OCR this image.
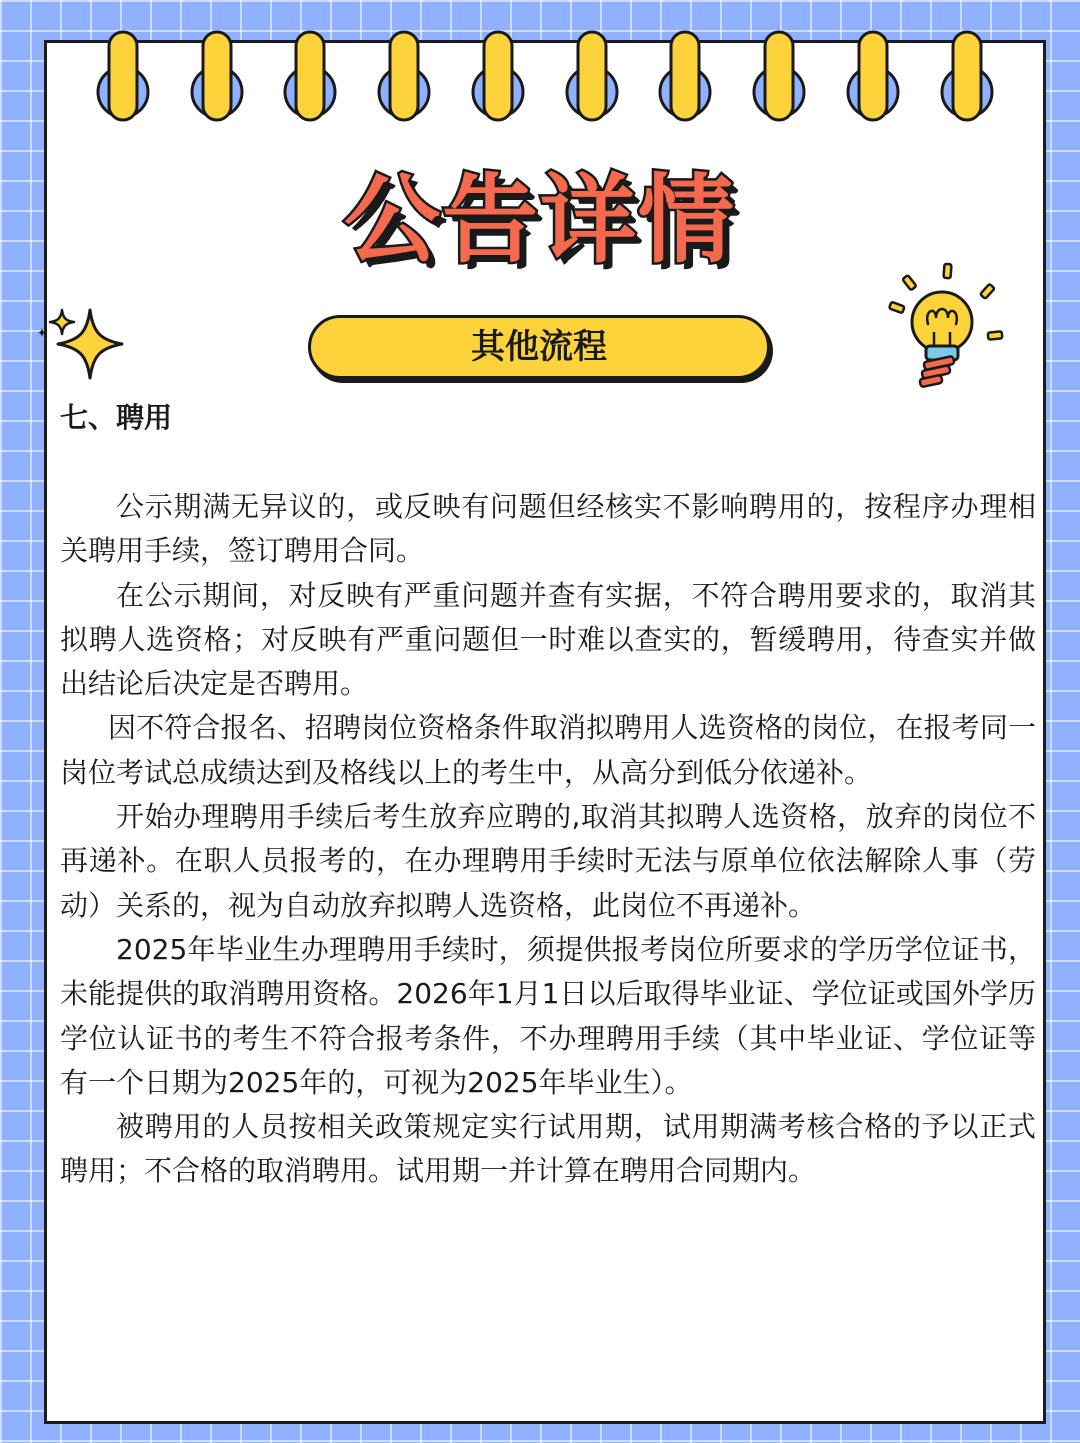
公告详情
其他流程
七、聘用

公示期满无异议的，或反映有问题但经核实不影响聘用的，按程序办理相关聘用手续，签订聘用合同。

在公示期间，对反映有严重问题并查有实据，不符合聘用要求的，取消其拟聘人选资格；对反映有严重问题但一时难以查实的，暂缓聘用，待查实并做出结论后决定是否聘用。

因不符合报名、招聘岗位资格条件取消拟聘用人选资格的岗位，在报考同一岗位考试总成绩达到及格线以上的考生中，从高分到低分依递补。

开始办理聘用手续后考生放弃应聘的,取消其拟聘人选资格，放弃的岗位不再递补。在职人员报考的，在办理聘用手续时无法与原单位依法解除人事（劳动）关系的，视为自动放弃拟聘人选资格，此岗位不再递补。

2025年毕业生办理聘用手续时，须提供报考岗位所要求的学历学位证书，未能提供的取消聘用资格。2026年1月1日以后取得毕业证、学位证或国外学历学位认证书的考生不符合报考条件，不办理聘用手续（其中毕业证、学位证等有一个日期为2025年的，可视为2025年毕业生）。

被聘用的人员按相关政策规定实行试用期，试用期满考核合格的予以正式聘用；不合格的取消聘用。试用期一并计算在聘用合同期内。
